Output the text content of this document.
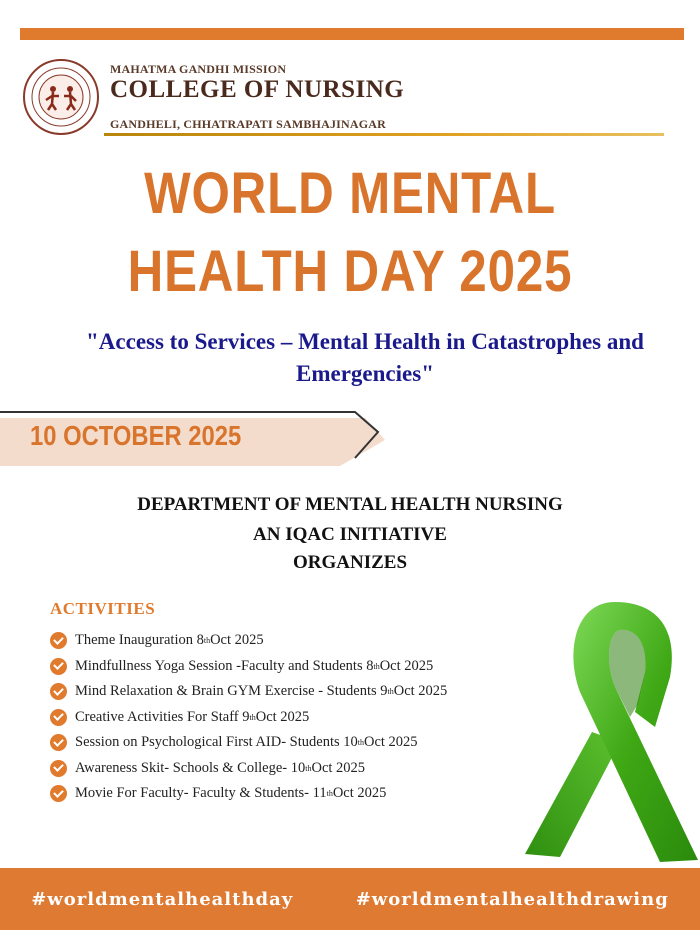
MAHATMA GANDHI MISSION
COLLEGE OF NURSING
GANDHELI, CHHATRAPATI SAMBHAJINAGAR
WORLD MENTAL
HEALTH DAY 2025
"Access to Services – Mental Health in Catastrophes and
Emergencies"
10 OCTOBER 2025
DEPARTMENT OF MENTAL HEALTH NURSING
AN IQAC INITIATIVE
ORGANIZES
ACTIVITIES
Theme Inauguration 8 th Oct 2025
Mindfullness Yoga Session -Faculty and Students 8 th Oct 2025
Mind Relaxation & Brain GYM Exercise - Students 9 th Oct 2025
Creative Activities For Staff 9 th Oct 2025
Session on Psychological First AID- Students 10 th Oct 2025
Awareness Skit- Schools & College- 10 th Oct 2025
Movie For Faculty- Faculty & Students- 11 th Oct 2025
#worldmentalhealthday	#worldmentalhealthdrawing
